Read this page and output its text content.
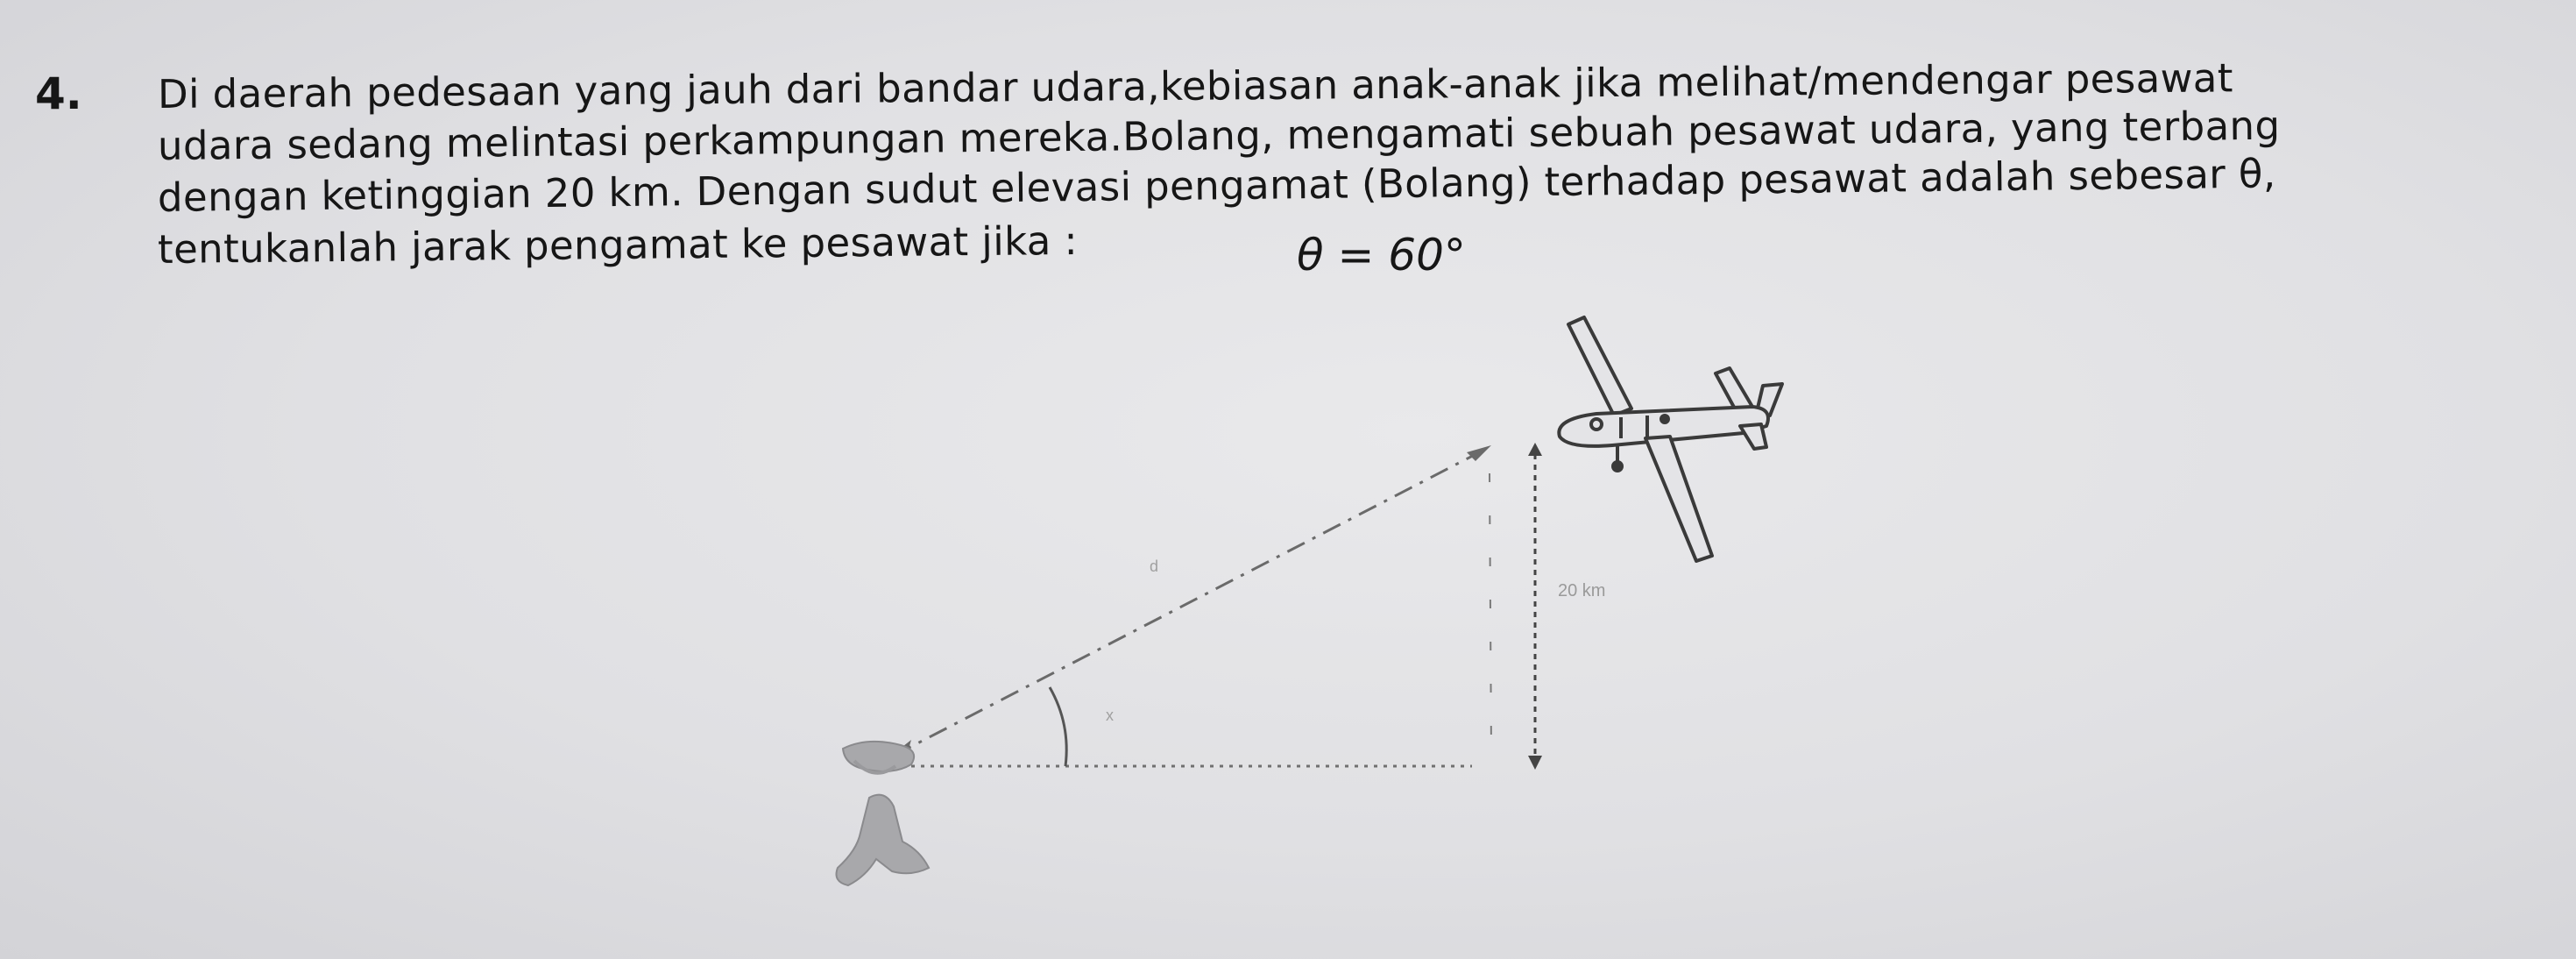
4. Di daerah pedesaan yang jauh dari bandar udara,kebiasan anak-anak jika melihat/mendengar pesawat
udara sedang melintasi perkampungan mereka.Bolang, mengamati sebuah pesawat udara, yang terbang
dengan ketinggian 20 km. Dengan sudut elevasi pengamat (Bolang) terhadap pesawat adalah sebesar θ,
tentukanlah jarak pengamat ke pesawat jika :	θ = 60°
20 km
d
x
